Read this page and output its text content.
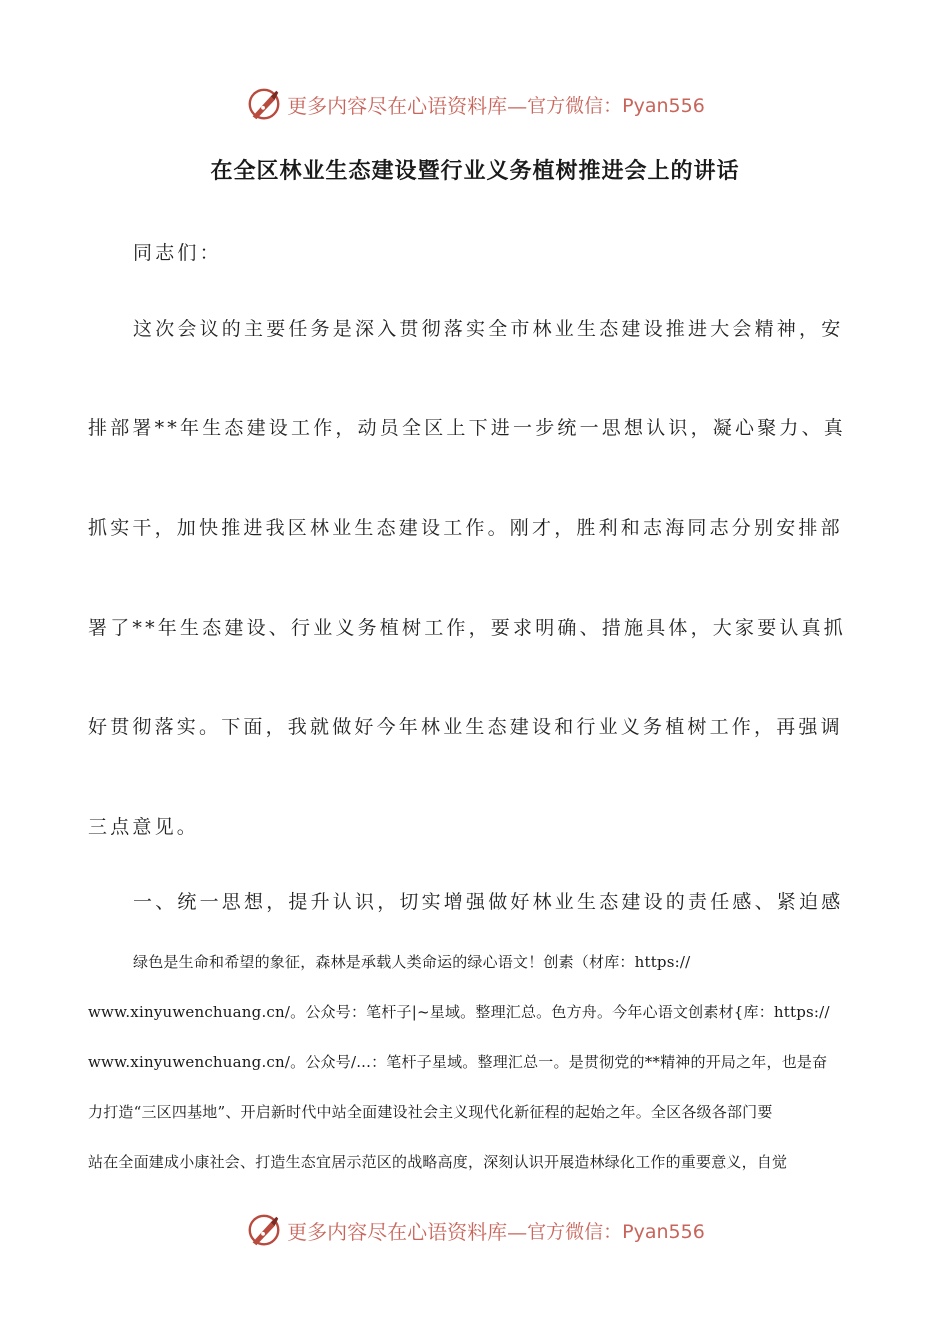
更多内容尽在心语资料库— 官方微信：Pyan556
在全区林业生态建设暨行业义务植树推进会上的讲话
同志们：
这次会议的主要任务是深入贯彻落实全市林业生态建设推进大会精神，安
排部署**年生态建设工作，动员全区上下进一步统一思想认识，凝心聚力、真
抓实干，加快推进我区林业生态建设工作。刚才，胜利和志海同志分别安排部
署了**年生态建设、行业义务植树工作，要求明确、措施具体，大家要认真抓
好贯彻落实。下面，我就做好今年林业生态建设和行业义务植树工作，再强调
三点意见。
一、统一思想，提升认识，切实增强做好林业生态建设的责任感、紧迫感
绿色是生命和希望的象征，森林是承载人类命运的绿心语文！创素（材库：https://
www.xinyuwenchuang.cn/。公众号：笔杆子|~星域。整理汇总。色方舟。今年心语文创素材{库：https://
www.xinyuwenchuang.cn/。公众号/...：笔杆子星域。整理汇总一。是贯彻党的**精神的开局之年，也是奋
力打造“三区四基地”、开启新时代中站全面建设社会主义现代化新征程的起始之年。全区各级各部门要
站在全面建成小康社会、打造生态宜居示范区的战略高度，深刻认识开展造林绿化工作的重要意义，自觉
更多内容尽在心语资料库— 官方微信：Pyan556
